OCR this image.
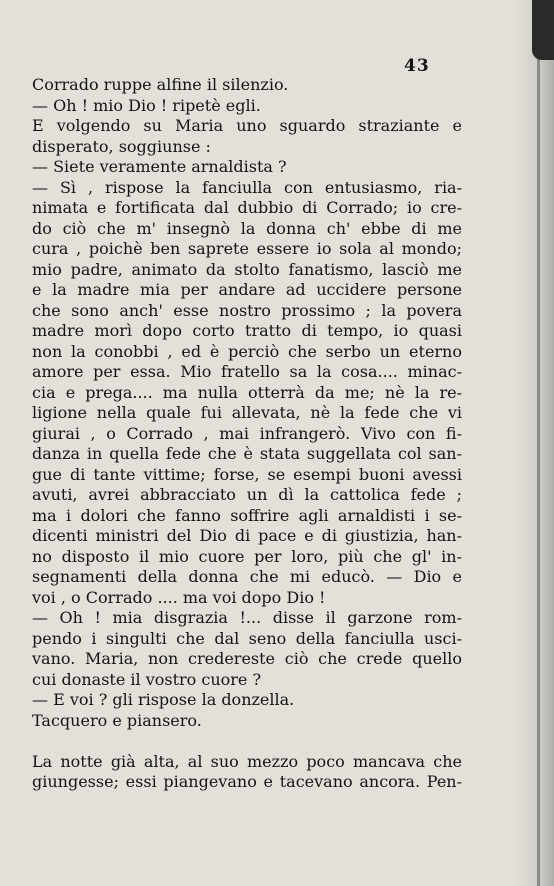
43
Corrado ruppe alfine il silenzio.
— Oh ! mio Dio ! ripetè egli.
E volgendo su Maria uno sguardo straziante e
disperato, soggiunse :
— Siete veramente arnaldista ?
— Sì , rispose la fanciulla con entusiasmo, ria-
nimata e fortificata dal dubbio di Corrado; io cre-
do ciò che m' insegnò la donna ch' ebbe di me
cura , poichè ben saprete essere io sola al mondo;
mio padre, animato da stolto fanatismo, lasciò me
e la madre mia per andare ad uccidere persone
che sono anch' esse nostro prossimo ; la povera
madre morì dopo corto tratto di tempo, io quasi
non la conobbi , ed è perciò che serbo un eterno
amore per essa. Mio fratello sa la cosa.... minac-
cia e prega.... ma nulla otterrà da me; nè la re-
ligione nella quale fui allevata, nè la fede che vi
giurai , o Corrado , mai infrangerò. Vivo con fi-
danza in quella fede che è stata suggellata col san-
gue di tante vittime; forse, se esempi buoni avessi
avuti, avrei abbracciato un dì la cattolica fede ;
ma i dolori che fanno soffrire agli arnaldisti i se-
dicenti ministri del Dio di pace e di giustizia, han-
no disposto il mio cuore per loro, più che gl' in-
segnamenti della donna che mi educò. — Dio e
voi , o Corrado .... ma voi dopo Dio !
— Oh ! mia disgrazia !... disse il garzone rom-
pendo i singulti che dal seno della fanciulla usci-
vano. Maria, non credereste ciò che crede quello
cui donaste il vostro cuore ?
— E voi ? gli rispose la donzella.
Tacquero e piansero.
La notte già alta, al suo mezzo poco mancava che
giungesse; essi piangevano e tacevano ancora. Pen-
